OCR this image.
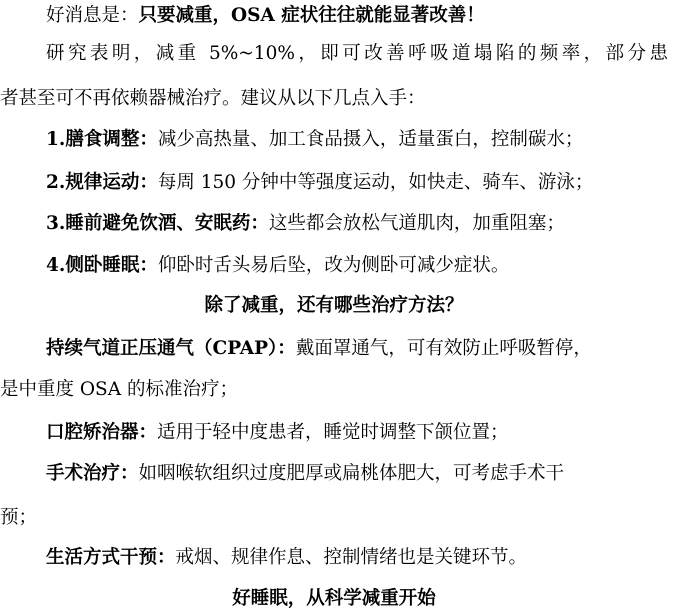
好消息是：只要减重，OSA 症状往往就能显著改善！
研究表明，减重 5%~10%，即可改善呼吸道塌陷的频率，部分患
者甚至可不再依赖器械治疗。建议从以下几点入手：
1.膳食调整：减少高热量、加工食品摄入，适量蛋白，控制碳水；
2.规律运动：每周 150 分钟中等强度运动，如快走、骑车、游泳；
3.睡前避免饮酒、安眠药：这些都会放松气道肌肉，加重阻塞；
4.侧卧睡眠：仰卧时舌头易后坠，改为侧卧可减少症状。
除了减重，还有哪些治疗方法？
持续气道正压通气（CPAP）：戴面罩通气，可有效防止呼吸暂停，
是中重度 OSA 的标准治疗；
口腔矫治器：适用于轻中度患者，睡觉时调整下颌位置；
手术治疗：如咽喉软组织过度肥厚或扁桃体肥大，可考虑手术干
预；
生活方式干预：戒烟、规律作息、控制情绪也是关键环节。
好睡眠，从科学减重开始
